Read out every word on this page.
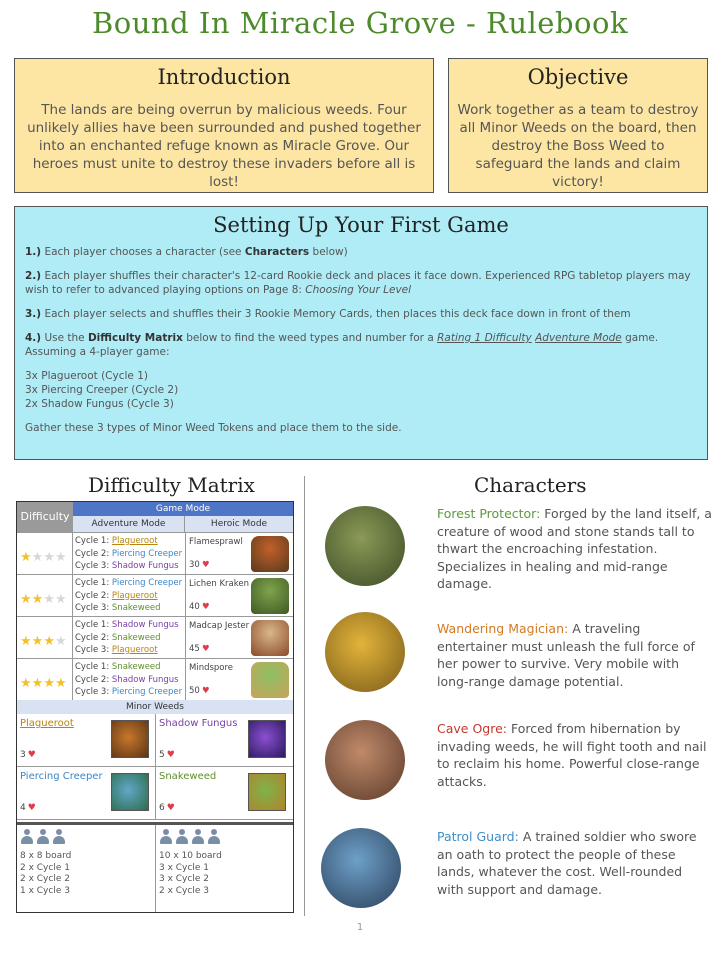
Bound In Miracle Grove - Rulebook
Introduction

The lands are being overrun by malicious weeds. Four unlikely allies have been surrounded and pushed together into an enchanted refuge known as Miracle Grove. Our heroes must unite to destroy these invaders before all is lost!

Objective

Work together as a team to destroy all Minor Weeds on the board, then destroy the Boss Weed to safeguard the lands and claim victory!

Setting Up Your First Game

1.) Each player chooses a character (see Characters below)

2.) Each player shuffles their character's 12-card Rookie deck and places it face down. Experienced RPG tabletop players may wish to refer to advanced playing options on Page 8: Choosing Your Level

3.) Each player selects and shuffles their 3 Rookie Memory Cards, then places this deck face down in front of them

4.) Use the Difficulty Matrix below to find the weed types and number for a Rating 1 Difficulty Adventure Mode game. Assuming a 4-player game:

3x Plagueroot (Cycle 1)
3x Piercing Creeper (Cycle 2)
2x Shadow Fungus (Cycle 3)

Gather these 3 types of Minor Weed Tokens and place them to the side.

Difficulty Matrix	Characters
Game Mode
Difficulty
Adventure Mode	Heroic Mode
★★★★
Cycle 1: Plagueroot
Cycle 2: Piercing Creeper
Cycle 3: Shadow Fungus
Flamesprawl
30 ♥
★★★★
Cycle 1: Piercing Creeper
Cycle 2: Plagueroot
Cycle 3: Snakeweed
Lichen Kraken
40 ♥
★★★★
Cycle 1: Shadow Fungus
Cycle 2: Snakeweed
Cycle 3: Plagueroot
Madcap Jester
45 ♥
★★★★
Cycle 1: Snakeweed
Cycle 2: Shadow Fungus
Cycle 3: Piercing Creeper
Mindspore
50 ♥
Minor Weeds
Plagueroot
3 ♥
Shadow Fungus
5 ♥
Piercing Creeper
4 ♥
Snakeweed
6 ♥
8 x 8 board
2 x Cycle 1
2 x Cycle 2
1 x Cycle 3
10 x 10 board
3 x Cycle 1
3 x Cycle 2
2 x Cycle 3
Forest Protector: Forged by the land itself, a creature of wood and stone stands tall to thwart the encroaching infestation. Specializes in healing and mid-range damage.
Wandering Magician: A traveling entertainer must unleash the full force of her power to survive. Very mobile with long-range damage potential.
Cave Ogre: Forced from hibernation by invading weeds, he will fight tooth and nail to reclaim his home. Powerful close-range attacks.
Patrol Guard: A trained soldier who swore an oath to protect the people of these lands, whatever the cost. Well-rounded with support and damage.
1
